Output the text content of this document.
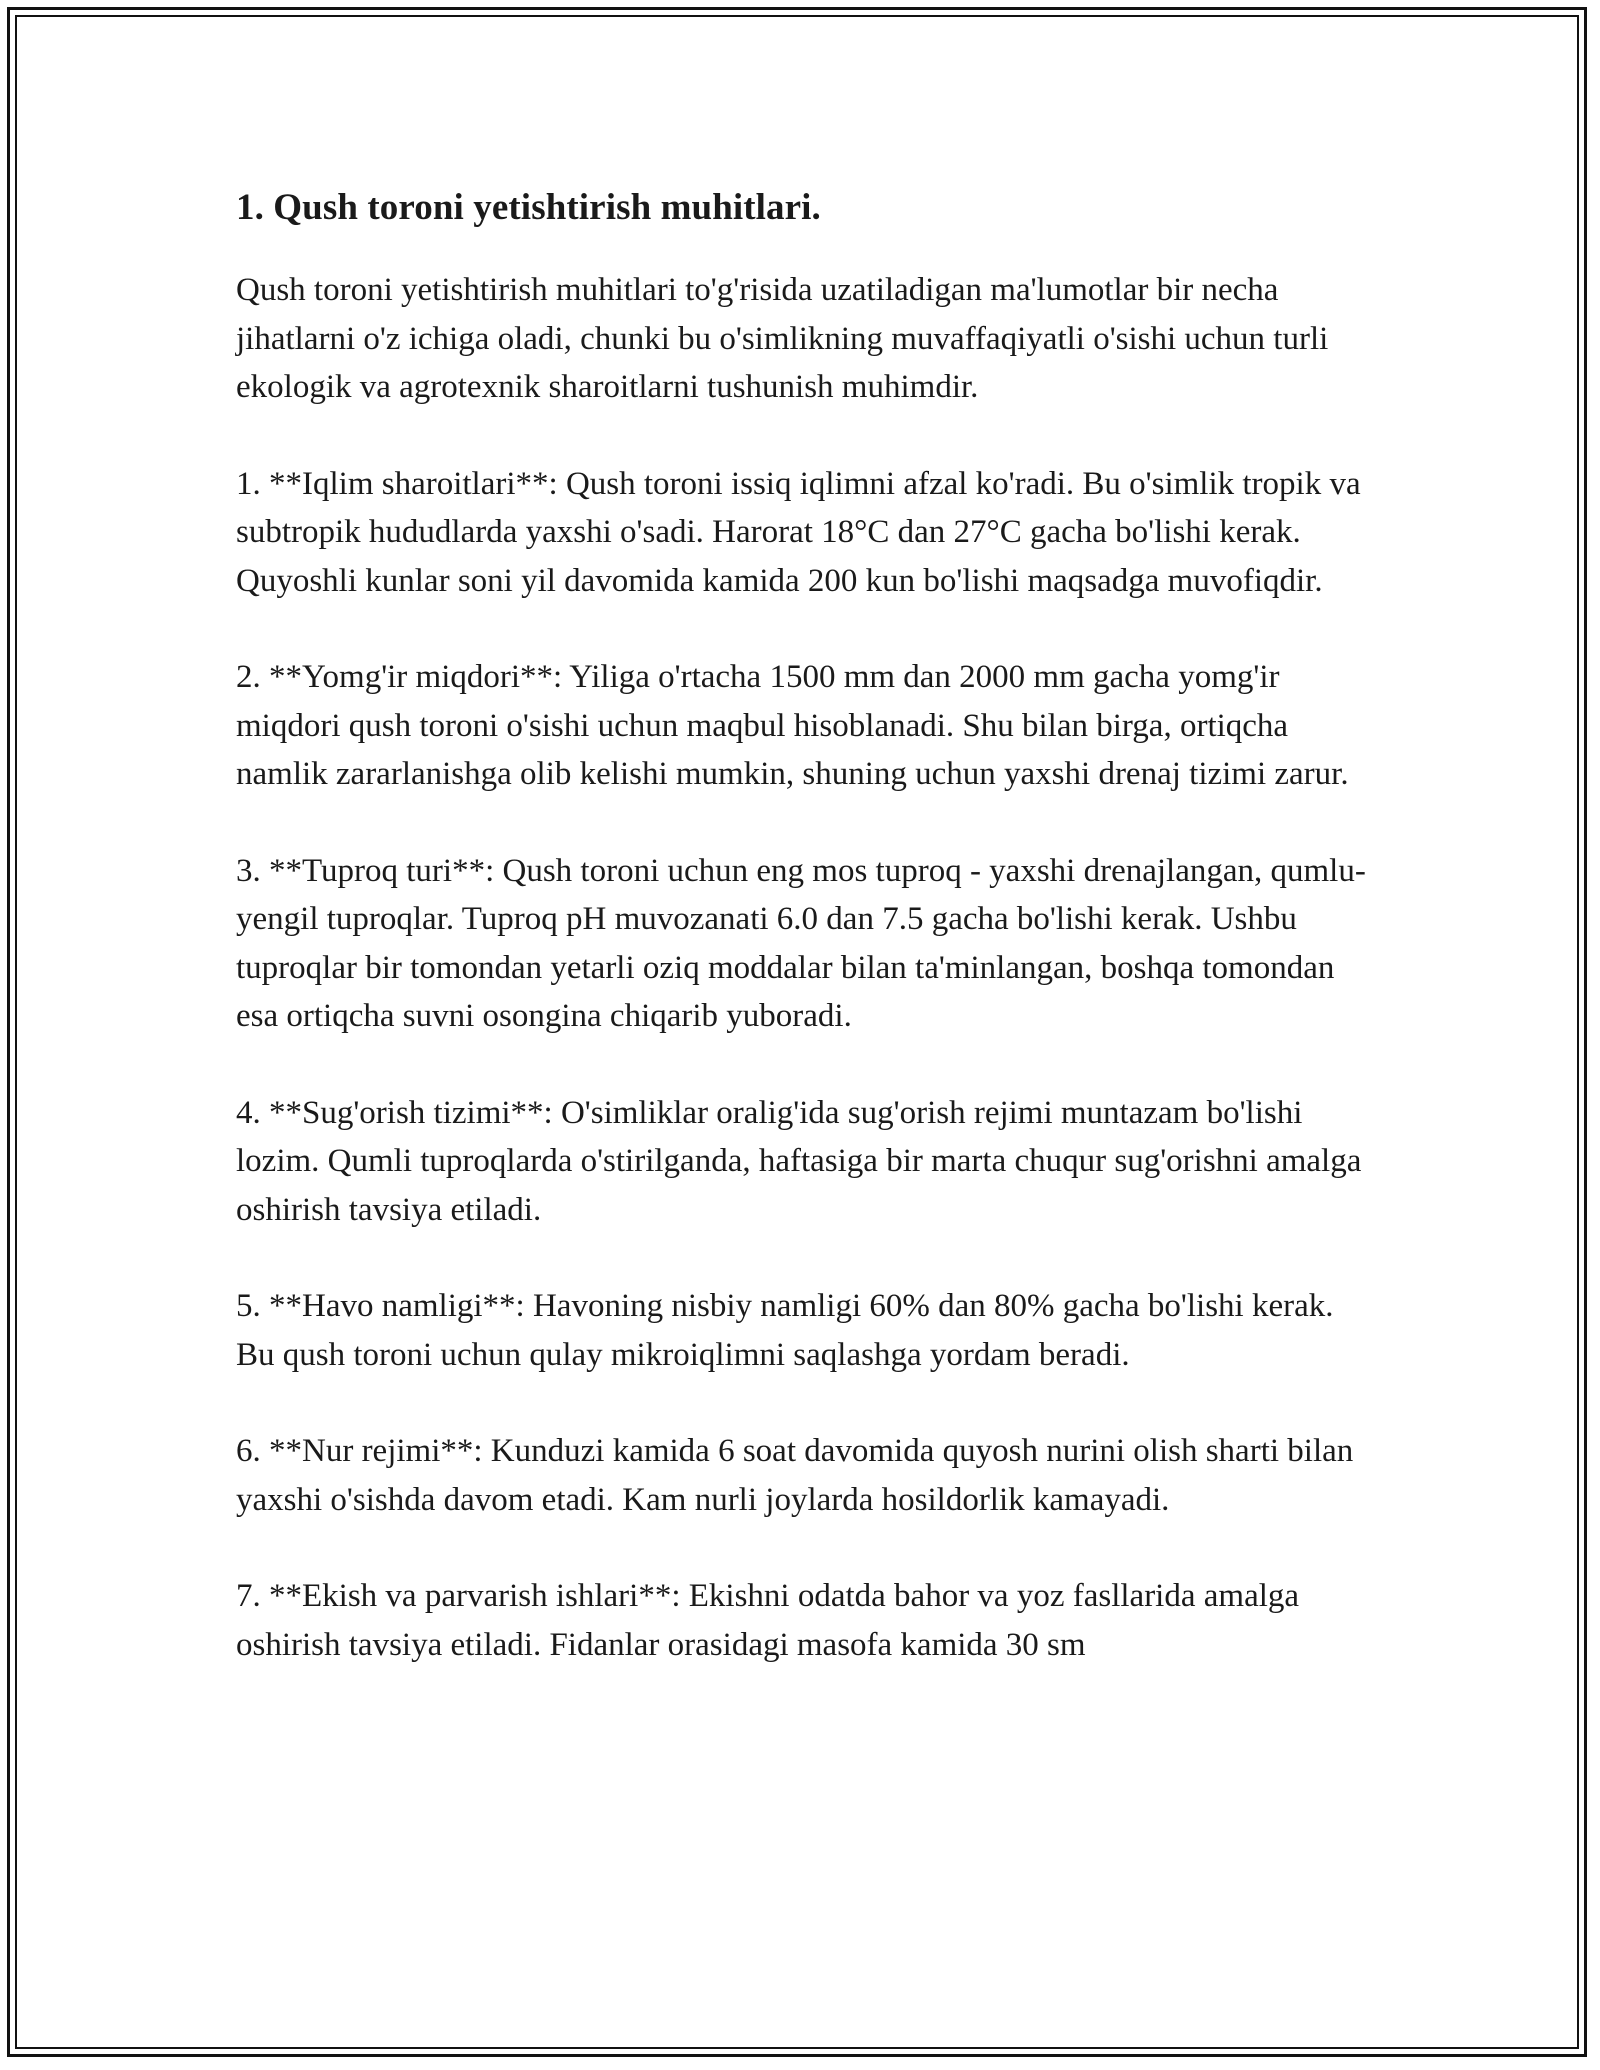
1. Qush toroni yetishtirish muhitlari.

Qush toroni yetishtirish muhitlari to'g'risida uzatiladigan ma'lumotlar bir necha jihatlarni o'z ichiga oladi, chunki bu o'simlikning muvaffaqiyatli o'sishi uchun turli ekologik va agrotexnik sharoitlarni tushunish muhimdir.

1. **Iqlim sharoitlari**: Qush toroni issiq iqlimni afzal ko'radi. Bu o'simlik tropik va subtropik hududlarda yaxshi o'sadi. Harorat 18°C dan 27°C gacha bo'lishi kerak. Quyoshli kunlar soni yil davomida kamida 200 kun bo'lishi maqsadga muvofiqdir.

2. **Yomg'ir miqdori**: Yiliga o'rtacha 1500 mm dan 2000 mm gacha yomg'ir miqdori qush toroni o'sishi uchun maqbul hisoblanadi. Shu bilan birga, ortiqcha namlik zararlanishga olib kelishi mumkin, shuning uchun yaxshi drenaj tizimi zarur.

3. **Tuproq turi**: Qush toroni uchun eng mos tuproq - yaxshi drenajlangan, qumlu-yengil tuproqlar. Tuproq pH muvozanati 6.0 dan 7.5 gacha bo'lishi kerak. Ushbu tuproqlar bir tomondan yetarli oziq moddalar bilan ta'minlangan, boshqa tomondan esa ortiqcha suvni osongina chiqarib yuboradi.

4. **Sug'orish tizimi**: O'simliklar oralig'ida sug'orish rejimi muntazam bo'lishi lozim. Qumli tuproqlarda o'stirilganda, haftasiga bir marta chuqur sug'orishni amalga oshirish tavsiya etiladi.

5. **Havo namligi**: Havoning nisbiy namligi 60% dan 80% gacha bo'lishi kerak. Bu qush toroni uchun qulay mikroiqlimni saqlashga yordam beradi.

6. **Nur rejimi**: Kunduzi kamida 6 soat davomida quyosh nurini olish sharti bilan yaxshi o'sishda davom etadi. Kam nurli joylarda hosildorlik kamayadi.

7. **Ekish va parvarish ishlari**: Ekishni odatda bahor va yoz fasllarida amalga oshirish tavsiya etiladi. Fidanlar orasidagi masofa kamida 30 sm
